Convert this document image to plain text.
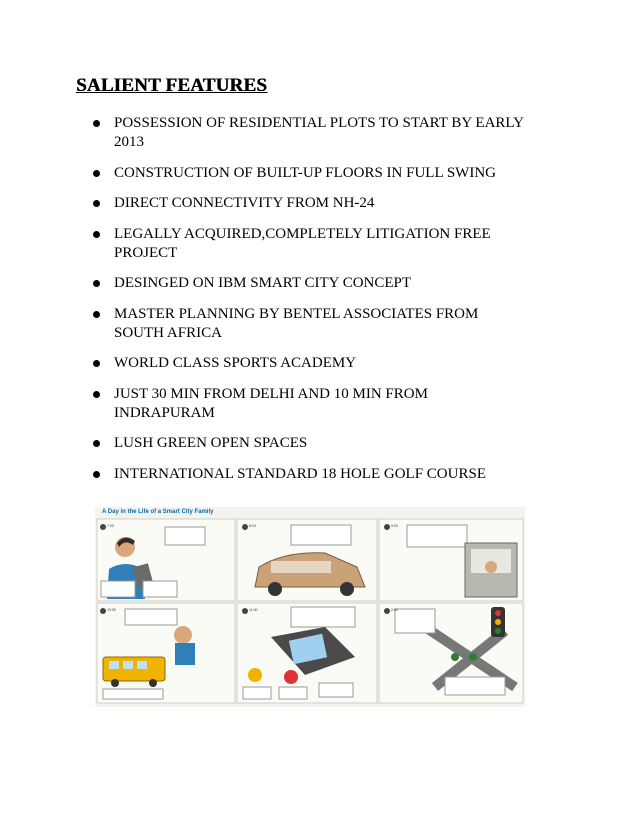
SALIENT FEATURES
POSSESSION OF RESIDENTIAL PLOTS TO START BY EARLY 2013
CONSTRUCTION OF BUILT-UP FLOORS IN FULL SWING
DIRECT CONNECTIVITY FROM NH-24
LEGALLY ACQUIRED,COMPLETELY LITIGATION FREE PROJECT
DESINGED ON IBM SMART CITY CONCEPT
MASTER PLANNING BY BENTEL ASSOCIATES FROM SOUTH AFRICA
WORLD CLASS SPORTS ACADEMY
JUST 30 MIN FROM DELHI AND 10 MIN FROM INDRAPURAM
LUSH GREEN OPEN SPACES
INTERNATIONAL STANDARD 18 HOLE GOLF COURSE
A Day in the Life of a Smart City Family
7:00	8:15	9:00
10:30	11:00	2:00
